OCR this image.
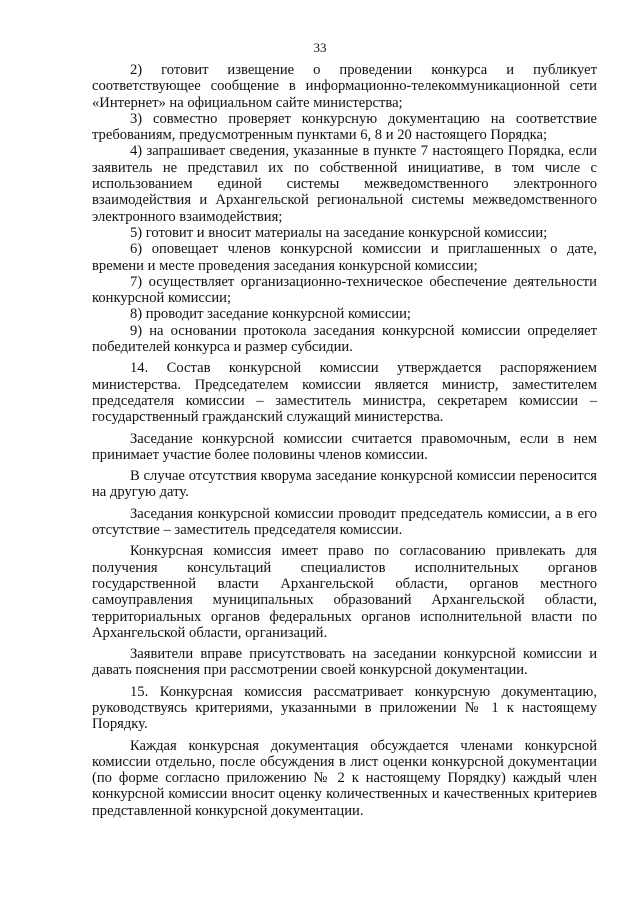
33

2) готовит извещение о проведении конкурса и публикует соответствующее сообщение в информационно-телекоммуникационной сети «Интернет» на официальном сайте министерства;

3) совместно проверяет конкурсную документацию на соответствие требованиям, предусмотренным пунктами 6, 8 и 20 настоящего Порядка;

4) запрашивает сведения, указанные в пункте 7 настоящего Порядка, если заявитель не представил их по собственной инициативе, в том числе с использованием единой системы межведомственного электронного взаимодействия и Архангельской региональной системы межведомственного электронного взаимодействия;

5) готовит и вносит материалы на заседание конкурсной комиссии;

6) оповещает членов конкурсной комиссии и приглашенных о дате, времени и месте проведения заседания конкурсной комиссии;

7) осуществляет организационно-техническое обеспечение деятельности конкурсной комиссии;

8) проводит заседание конкурсной комиссии;

9) на основании протокола заседания конкурсной комиссии определяет победителей конкурса и размер субсидии.

14. Состав конкурсной комиссии утверждается распоряжением министерства. Председателем комиссии является министр, заместителем председателя комиссии – заместитель министра, секретарем комиссии – государственный гражданский служащий министерства.

Заседание конкурсной комиссии считается правомочным, если в нем принимает участие более половины членов комиссии.

В случае отсутствия кворума заседание конкурсной комиссии переносится на другую дату.

Заседания конкурсной комиссии проводит председатель комиссии, а в его отсутствие – заместитель председателя комиссии.

Конкурсная комиссия имеет право по согласованию привлекать для получения консультаций специалистов исполнительных органов государственной власти Архангельской области, органов местного самоуправления муниципальных образований Архангельской области, территориальных органов федеральных органов исполнительной власти по Архангельской области, организаций.

Заявители вправе присутствовать на заседании конкурсной комиссии и давать пояснения при рассмотрении своей конкурсной документации.

15. Конкурсная комиссия рассматривает конкурсную документацию, руководствуясь критериями, указанными в приложении № 1 к настоящему Порядку.

Каждая конкурсная документация обсуждается членами конкурсной комиссии отдельно, после обсуждения в лист оценки конкурсной документации (по форме согласно приложению № 2 к настоящему Порядку) каждый член конкурсной комиссии вносит оценку количественных и качественных критериев представленной конкурсной документации.
